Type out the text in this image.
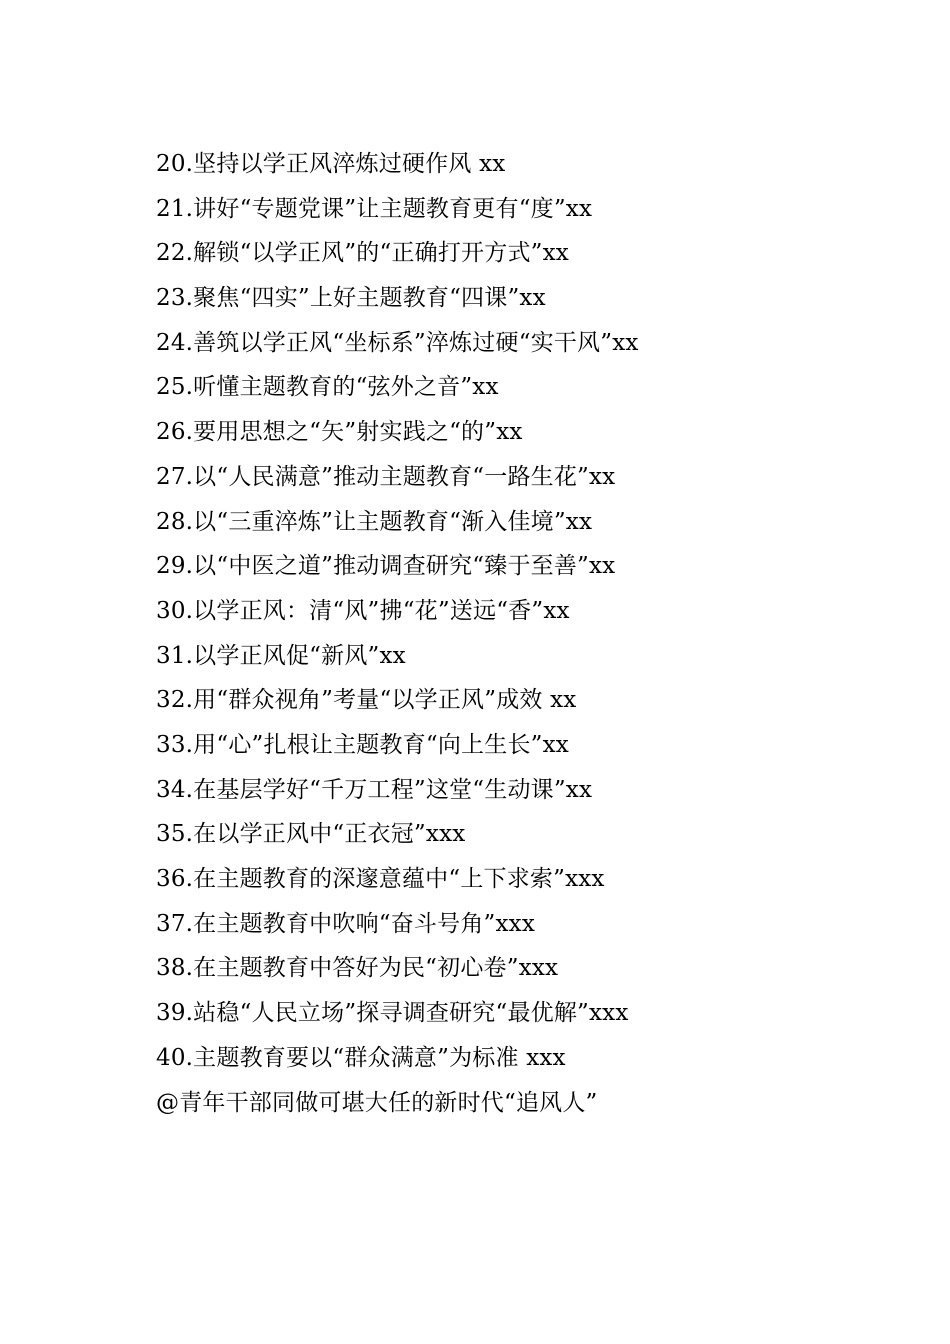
20.坚持以学正风淬炼过硬作风 xx
21.讲好“专题党课”让主题教育更有“度”xx
22.解锁“以学正风”的“正确打开方式”xx
23.聚焦“四实”上好主题教育“四课”xx
24.善筑以学正风“坐标系”淬炼过硬“实干风”xx
25.听懂主题教育的“弦外之音”xx
26.要用思想之“矢”射实践之“的”xx
27.以“人民满意”推动主题教育“一路生花”xx
28.以“三重淬炼”让主题教育“渐入佳境”xx
29.以“中医之道”推动调查研究“臻于至善”xx
30.以学正风：清“风”拂“花”送远“香”xx
31.以学正风促“新风”xx
32.用“群众视角”考量“以学正风”成效 xx
33.用“心”扎根让主题教育“向上生长”xx
34.在基层学好“千万工程”这堂“生动课”xx
35.在以学正风中“正衣冠”xxx
36.在主题教育的深邃意蕴中“上下求索”xxx
37.在主题教育中吹响“奋斗号角”xxx
38.在主题教育中答好为民“初心卷”xxx
39.站稳“人民立场”探寻调查研究“最优解”xxx
40.主题教育要以“群众满意”为标准 xxx
@青年干部同做可堪大任的新时代“追风人”
